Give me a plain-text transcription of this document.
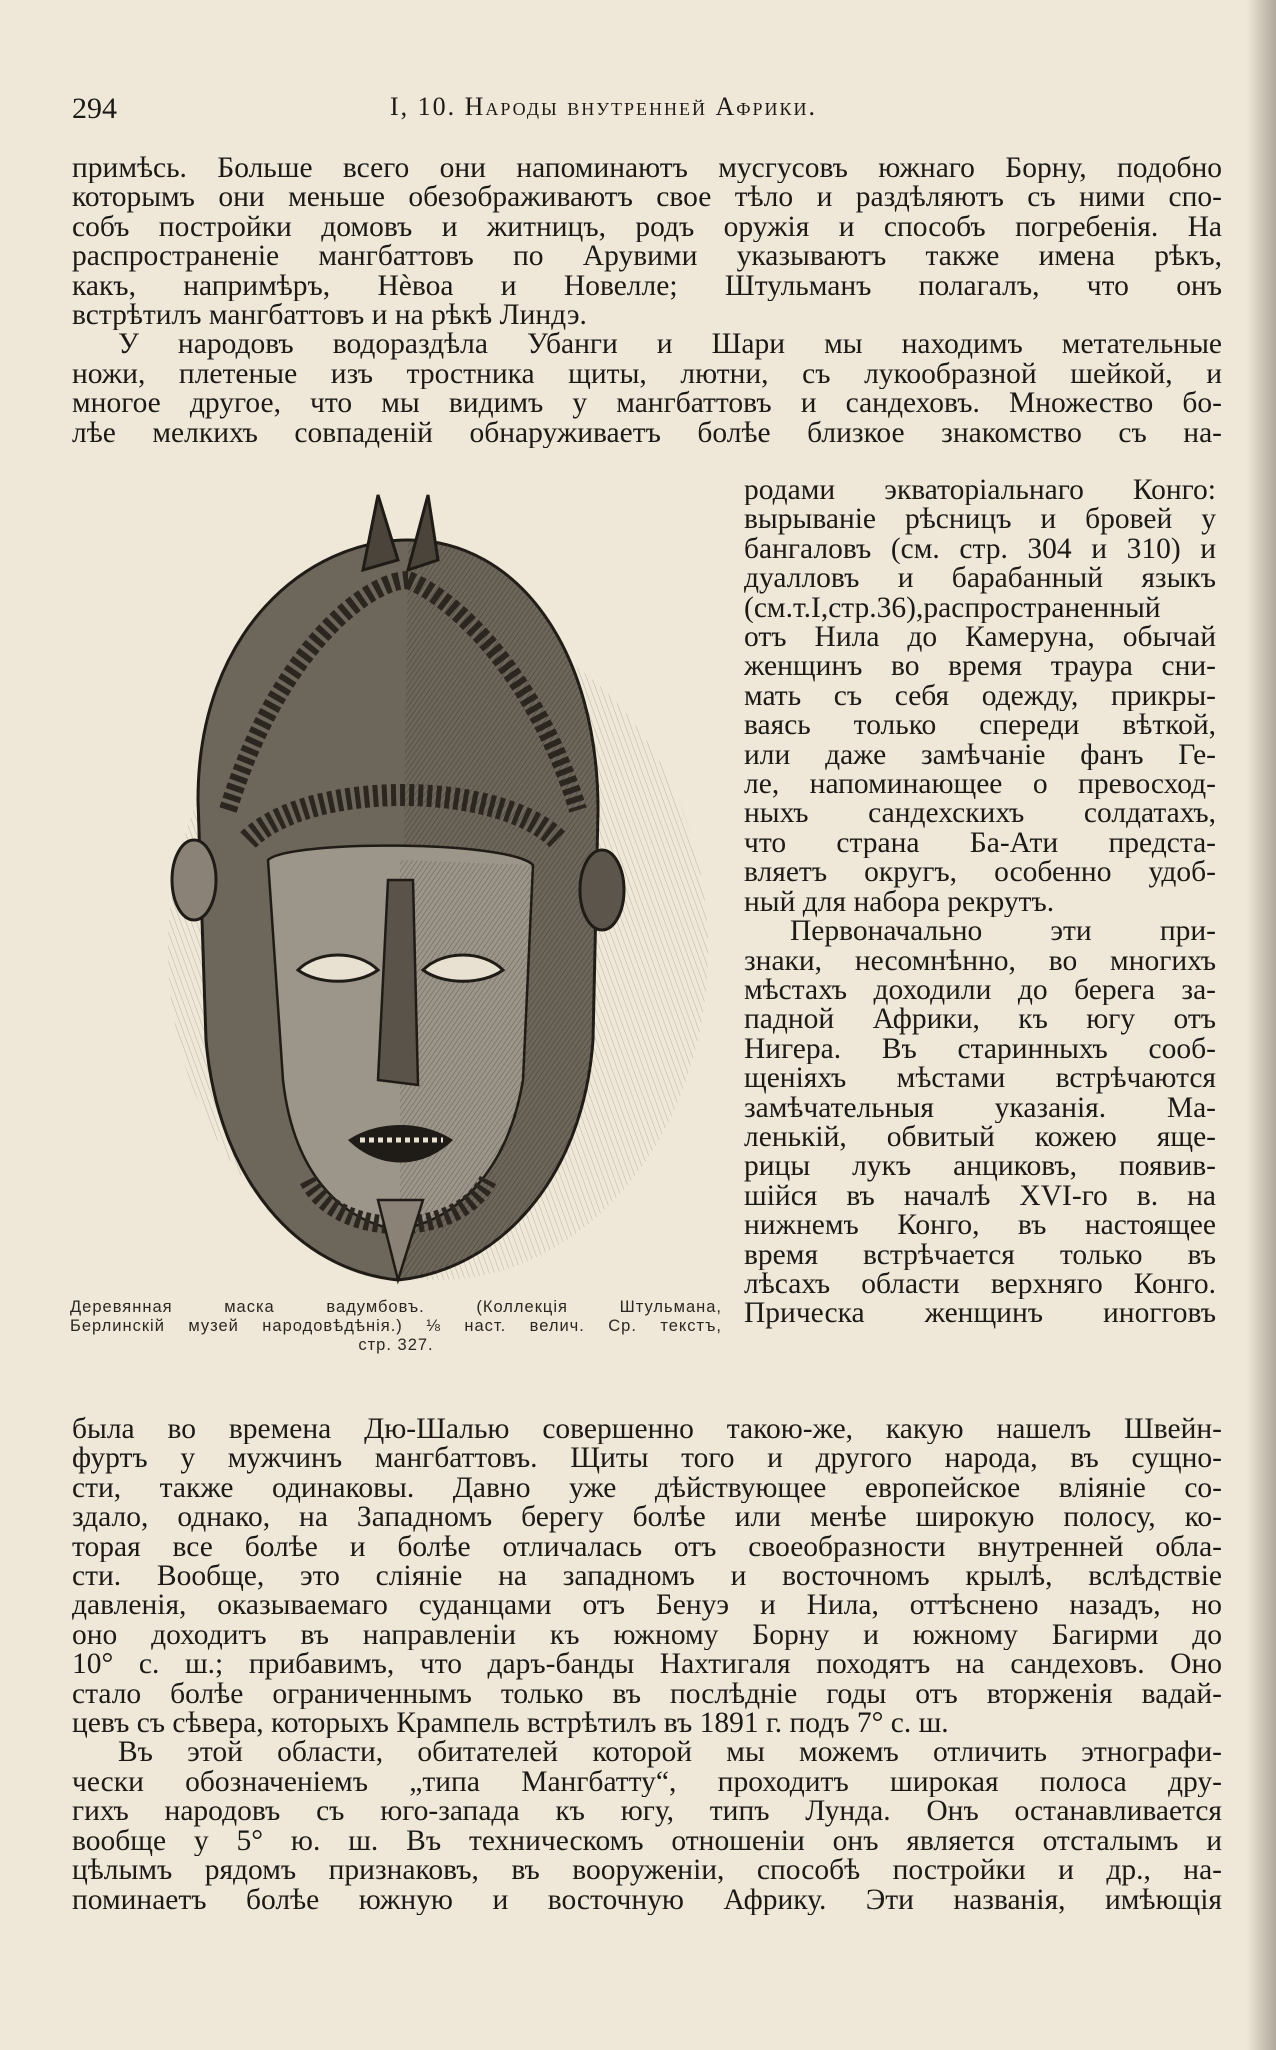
294	I, 10. Народы внутренней Африки.
примѣсь. Больше всего они напоминаютъ мусгусовъ южнаго Борну, подобно
которымъ они меньше обезображиваютъ свое тѣло и раздѣляютъ съ ними спо-
собъ постройки домовъ и житницъ, родъ оружія и способъ погребенія. На
распространеніе мангбаттовъ по Арувими указываютъ также имена рѣкъ,
какъ, напримѣръ, Нѐвоа и Новелле; Штульманъ полагалъ, что онъ
встрѣтилъ мангбаттовъ и на рѣкѣ Линдэ.
У народовъ водораздѣла Убанги и Шари мы находимъ метательные
ножи, плетеные изъ тростника щиты, лютни, съ лукообразной шейкой, и
многое другое, что мы видимъ у мангбаттовъ и сандеховъ. Множество бо-
лѣе мелкихъ совпаденій обнаруживаетъ болѣе близкое знакомство съ на-
Деревянная маска вадумбовъ. (Коллекція Штульмана,
Берлинскій музей народовѣдѣнія.) ⅛ наст. велич. Ср. текстъ,
стр. 327.
родами экваторіальнаго Конго:
вырываніе рѣсницъ и бровей у
бангаловъ (см. стр. 304 и 310) и
дуалловъ и барабанный языкъ
(см.т.I,стр.36),распространенный
отъ Нила до Камеруна, обычай
женщинъ во время траура сни-
мать съ себя одежду, прикры-
ваясь только спереди вѣткой,
или даже замѣчаніе фанъ Ге-
ле, напоминающее о превосход-
ныхъ сандехскихъ солдатахъ,
что страна Ба-Ати предста-
вляетъ округъ, особенно удоб-
ный для набора рекрутъ.
Первоначально эти при-
знаки, несомнѣнно, во многихъ
мѣстахъ доходили до берега за-
падной Африки, къ югу отъ
Нигера. Въ старинныхъ сооб-
щеніяхъ мѣстами встрѣчаются
замѣчательныя указанія. Ма-
ленькій, обвитый кожею яще-
рицы лукъ анциковъ, появив-
шійся въ началѣ XVI-го в. на
нижнемъ Конго, въ настоящее
время встрѣчается только въ
лѣсахъ области верхняго Конго.
Прическа женщинъ иногговъ
была во времена Дю-Шалью совершенно такою-же, какую нашелъ Швейн-
фуртъ у мужчинъ мангбаттовъ. Щиты того и другого народа, въ сущно-
сти, также одинаковы. Давно уже дѣйствующее европейское вліяніе со-
здало, однако, на Западномъ берегу болѣе или менѣе широкую полосу, ко-
торая все болѣе и болѣе отличалась отъ своеобразности внутренней обла-
сти. Вообще, это сліяніе на западномъ и восточномъ крылѣ, вслѣдствіе
давленія, оказываемаго суданцами отъ Бенуэ и Нила, оттѣснено назадъ, но
оно доходитъ въ направленіи къ южному Борну и южному Багирми до
10° с. ш.; прибавимъ, что даръ-банды Нахтигаля походятъ на сандеховъ. Оно
стало болѣе ограниченнымъ только въ послѣдніе годы отъ вторженія вадай-
цевъ съ сѣвера, которыхъ Крампель встрѣтилъ въ 1891 г. подъ 7° с. ш.
Въ этой области, обитателей которой мы можемъ отличить этнографи-
чески обозначеніемъ „типа Мангбатту“, проходитъ широкая полоса дру-
гихъ народовъ съ юго-запада къ югу, типъ Лунда. Онъ останавливается
вообще у 5° ю. ш. Въ техническомъ отношеніи онъ является отсталымъ и
цѣлымъ рядомъ признаковъ, въ вооруженіи, способѣ постройки и др., на-
поминаетъ болѣе южную и восточную Африку. Эти названія, имѣющія
